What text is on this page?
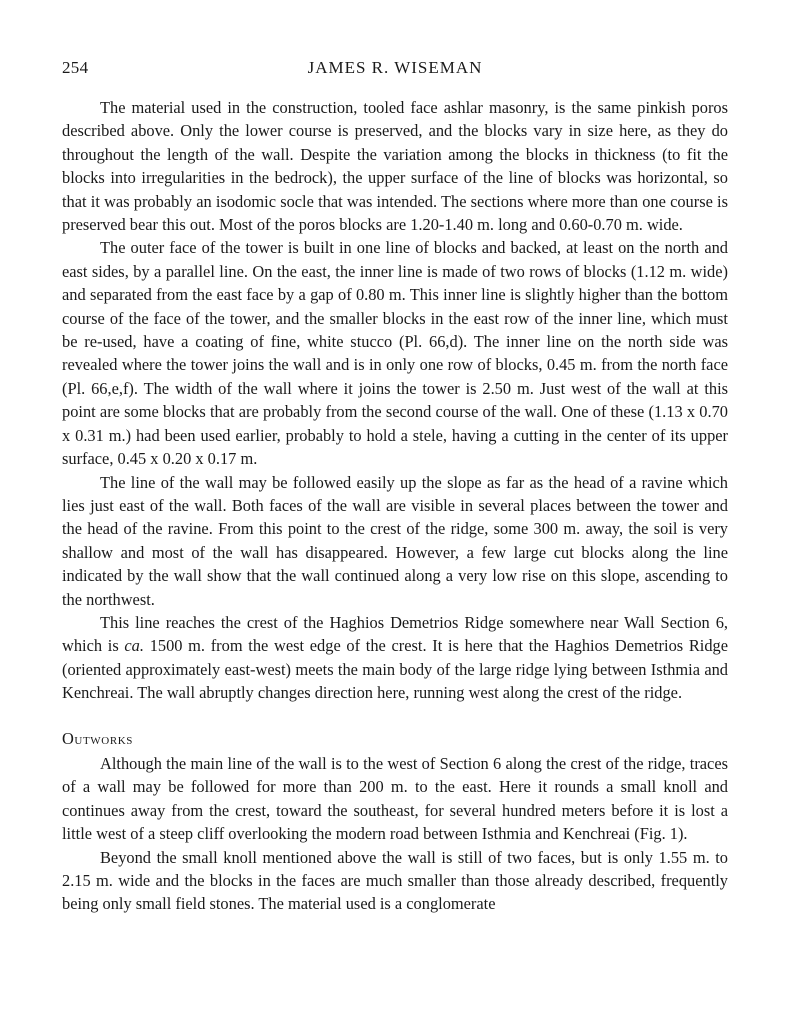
254	JAMES R. WISEMAN

The material used in the construction, tooled face ashlar masonry, is the same pinkish poros described above. Only the lower course is preserved, and the blocks vary in size here, as they do throughout the length of the wall. Despite the variation among the blocks in thickness (to fit the blocks into irregularities in the bedrock), the upper surface of the line of blocks was horizontal, so that it was probably an isodomic socle that was intended. The sections where more than one course is preserved bear this out. Most of the poros blocks are 1.20-1.40 m. long and 0.60-0.70 m. wide.

The outer face of the tower is built in one line of blocks and backed, at least on the north and east sides, by a parallel line. On the east, the inner line is made of two rows of blocks (1.12 m. wide) and separated from the east face by a gap of 0.80 m. This inner line is slightly higher than the bottom course of the face of the tower, and the smaller blocks in the east row of the inner line, which must be re-used, have a coating of fine, white stucco (Pl. 66,d). The inner line on the north side was revealed where the tower joins the wall and is in only one row of blocks, 0.45 m. from the north face (Pl. 66,e,f). The width of the wall where it joins the tower is 2.50 m. Just west of the wall at this point are some blocks that are probably from the second course of the wall. One of these (1.13 x 0.70 x 0.31 m.) had been used earlier, probably to hold a stele, having a cutting in the center of its upper surface, 0.45 x 0.20 x 0.17 m.

The line of the wall may be followed easily up the slope as far as the head of a ravine which lies just east of the wall. Both faces of the wall are visible in several places between the tower and the head of the ravine. From this point to the crest of the ridge, some 300 m. away, the soil is very shallow and most of the wall has disappeared. However, a few large cut blocks along the line indicated by the wall show that the wall continued along a very low rise on this slope, ascending to the northwest.

This line reaches the crest of the Haghios Demetrios Ridge somewhere near Wall Section 6, which is ca. 1500 m. from the west edge of the crest. It is here that the Haghios Demetrios Ridge (oriented approximately east-west) meets the main body of the large ridge lying between Isthmia and Kenchreai. The wall abruptly changes direction here, running west along the crest of the ridge.

Outworks

Although the main line of the wall is to the west of Section 6 along the crest of the ridge, traces of a wall may be followed for more than 200 m. to the east. Here it rounds a small knoll and continues away from the crest, toward the southeast, for several hundred meters before it is lost a little west of a steep cliff overlooking the modern road between Isthmia and Kenchreai (Fig. 1).

Beyond the small knoll mentioned above the wall is still of two faces, but is only 1.55 m. to 2.15 m. wide and the blocks in the faces are much smaller than those already described, frequently being only small field stones. The material used is a conglomerate
